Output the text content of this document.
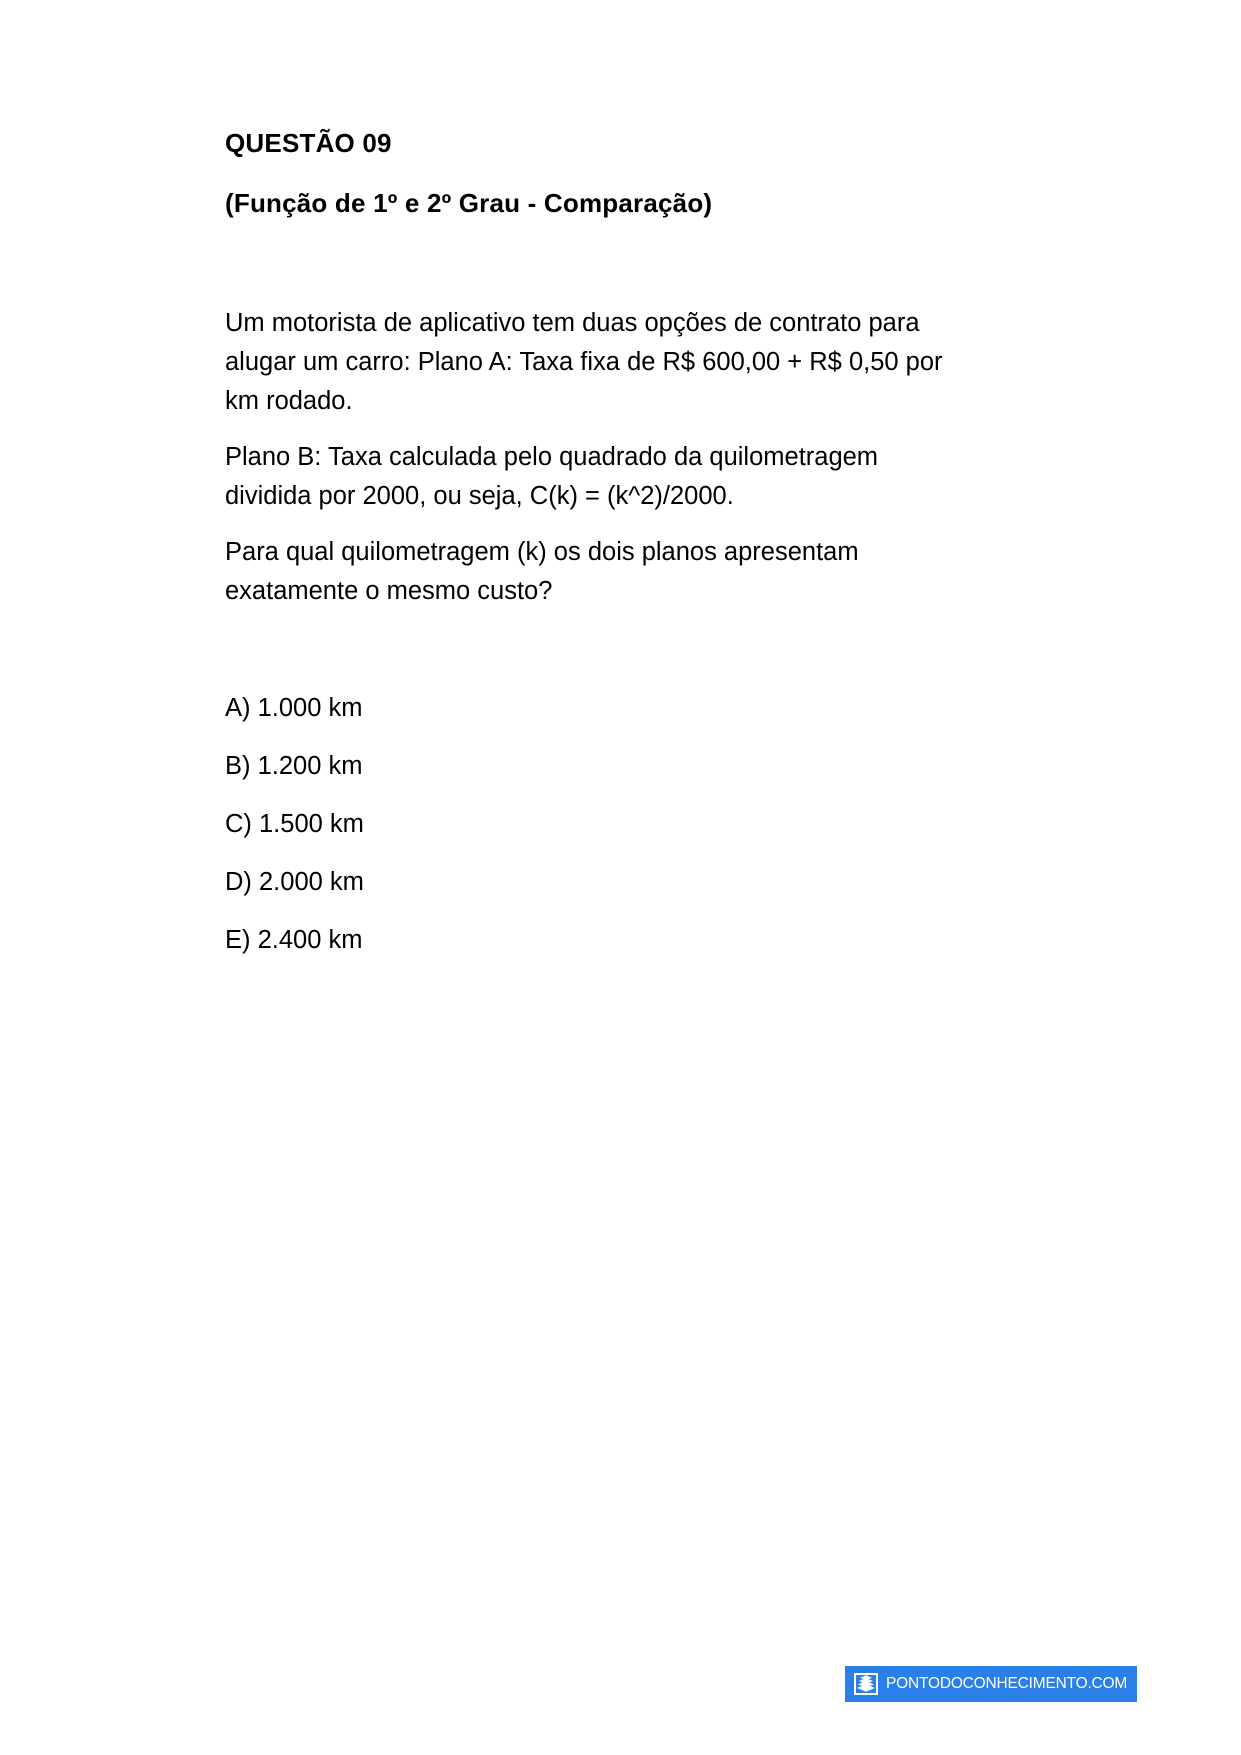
QUESTÃO 09
(Função de 1º e 2º Grau - Comparação)

Um motorista de aplicativo tem duas opções de contrato para alugar um carro: Plano A: Taxa fixa de R$ 600,00 + R$ 0,50 por km rodado.

Plano B: Taxa calculada pelo quadrado da quilometragem dividida por 2000, ou seja, C(k) = (k^2)/2000.

Para qual quilometragem (k) os dois planos apresentam exatamente o mesmo custo?

A) 1.000 km
B) 1.200 km
C) 1.500 km
D) 2.000 km
E) 2.400 km
PONTODOCONHECIMENTO.COM
